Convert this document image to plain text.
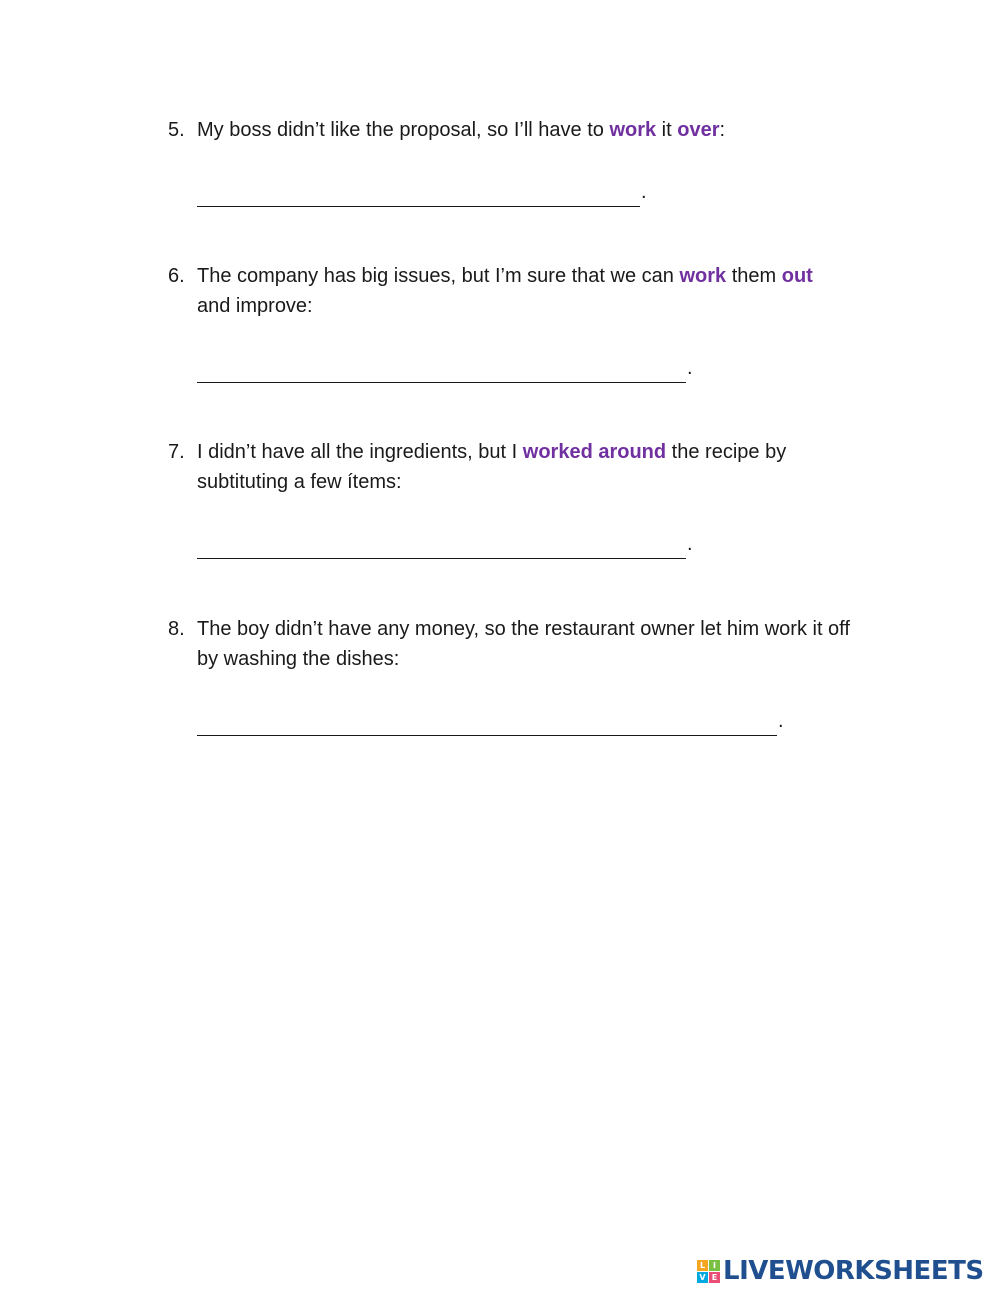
5. My boss didn’t like the proposal, so I’ll have to work it over:
.
6. The company has big issues, but I’m sure that we can work them out
and improve:
.
7. I didn’t have all the ingredients, but I worked around the recipe by subtituting a few ítems:
.
8. The boy didn’t have any money, so the restaurant owner let him work it off by washing the dishes:
.
L I
V E LIVEWORKSHEETS
